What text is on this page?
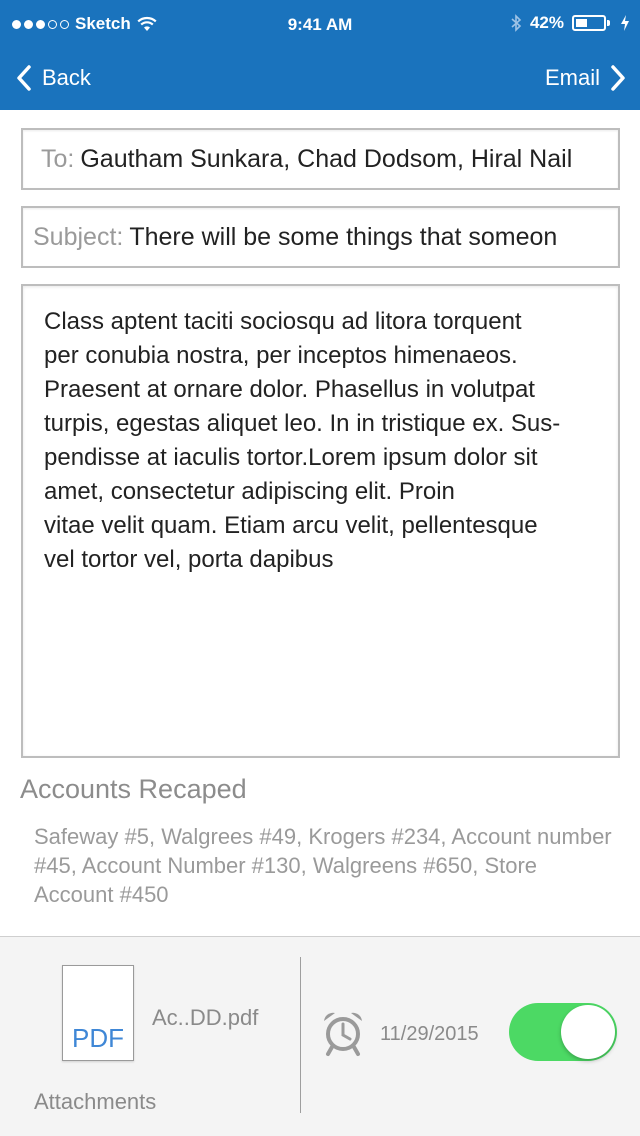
Sketch	9:41 AM	42%
Back	Email
To: Gautham Sunkara, Chad Dodsom, Hiral Nail
Subject: There will be some things that someon
Class aptent taciti sociosqu ad litora torquent
per conubia nostra, per inceptos himenaeos.
Praesent at ornare dolor. Phasellus in volutpat
turpis, egestas aliquet leo. In in tristique ex. Sus-
pendisse at iaculis tortor.Lorem ipsum dolor sit
amet, consectetur adipiscing elit. Proin
vitae velit quam. Etiam arcu velit, pellentesque
vel tortor vel, porta dapibus
Accounts Recaped
Safeway #5, Walgrees #49, Krogers #234, Account number #45, Account Number #130, Walgreens #650, Store Account #450
PDF
Ac..DD.pdf
Attachments
11/29/2015
